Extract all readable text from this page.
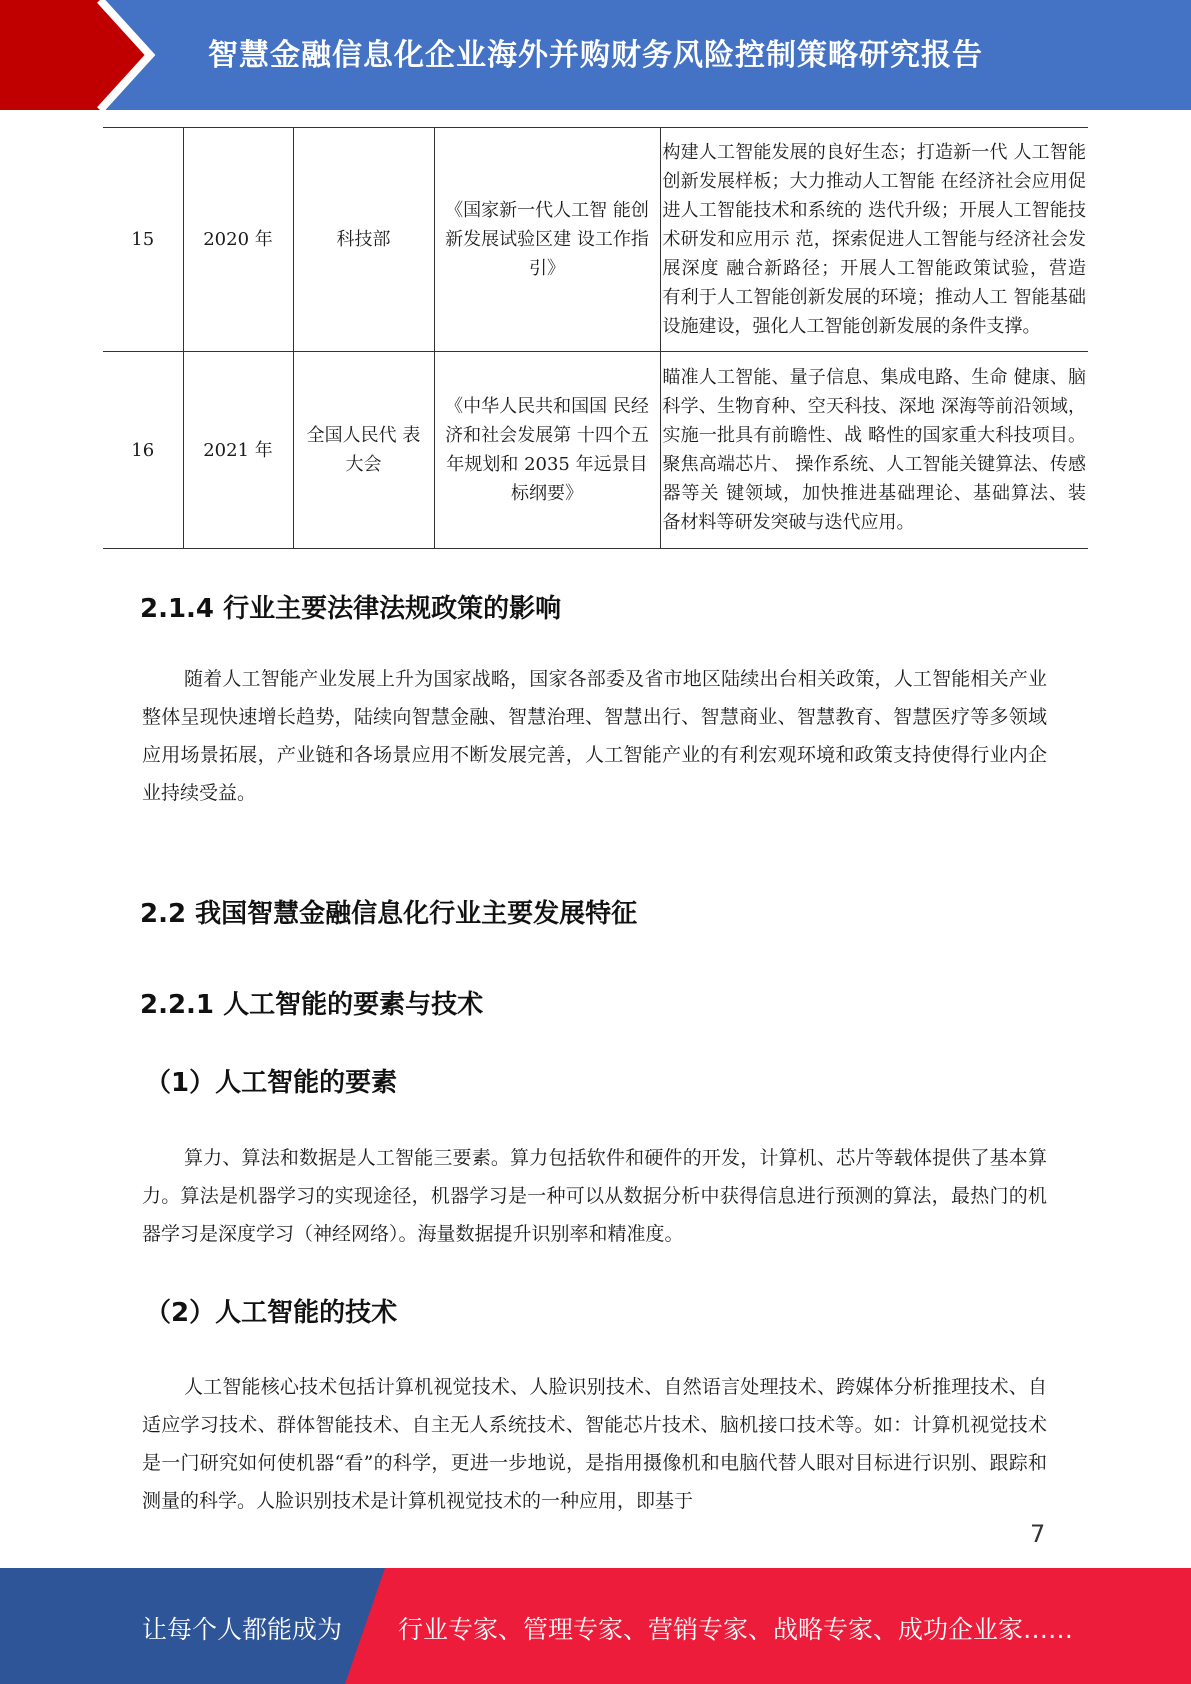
智慧金融信息化企业海外并购财务风险控制策略研究报告
15	2020 年	科技部	《国家新一代人工智 能创新发展试验区建 设工作指引》	构建人工智能发展的良好生态；打造新一代 人工智能创新发展样板；大力推动人工智能 在经济社会应用促进人工智能技术和系统的 迭代升级；开展人工智能技术研发和应用示 范，探索促进人工智能与经济社会发展深度 融合新路径；开展人工智能政策试验，营造 有利于人工智能创新发展的环境；推动人工 智能基础设施建设，强化人工智能创新发展的条件支撑。
16	2021 年	全国人民代 表大会	《中华人民共和国国 民经济和社会发展第 十四个五年规划和 2035 年远景目标纲要》	瞄准人工智能、量子信息、集成电路、生命 健康、脑科学、生物育种、空天科技、深地 深海等前沿领域，实施一批具有前瞻性、战 略性的国家重大科技项目。聚焦高端芯片、 操作系统、人工智能关键算法、传感器等关 键领域，加快推进基础理论、基础算法、装 备材料等研发突破与迭代应用。
2.1.4 行业主要法律法规政策的影响
随着人工智能产业发展上升为国家战略，国家各部委及省市地区陆续出台相关政策，人工智能相关产业整体呈现快速增长趋势，陆续向智慧金融、智慧治理、智慧出行、智慧商业、智慧教育、智慧医疗等多领域应用场景拓展，产业链和各场景应用不断发展完善，人工智能产业的有利宏观环境和政策支持使得行业内企业持续受益。
2.2 我国智慧金融信息化行业主要发展特征
2.2.1 人工智能的要素与技术
（1）人工智能的要素
算力、算法和数据是人工智能三要素。算力包括软件和硬件的开发，计算机、芯片等载体提供了基本算力。算法是机器学习的实现途径，机器学习是一种可以从数据分析中获得信息进行预测的算法，最热门的机器学习是深度学习（神经网络）。海量数据提升识别率和精准度。
（2）人工智能的技术
人工智能核心技术包括计算机视觉技术、人脸识别技术、自然语言处理技术、跨媒体分析推理技术、自适应学习技术、群体智能技术、自主无人系统技术、智能芯片技术、脑机接口技术等。如：计算机视觉技术是一门研究如何使机器“看”的科学，更进一步地说，是指用摄像机和电脑代替人眼对目标进行识别、跟踪和测量的科学。人脸识别技术是计算机视觉技术的一种应用，即基于
7
让每个人都能成为 行业专家、管理专家、营销专家、战略专家、成功企业家……
